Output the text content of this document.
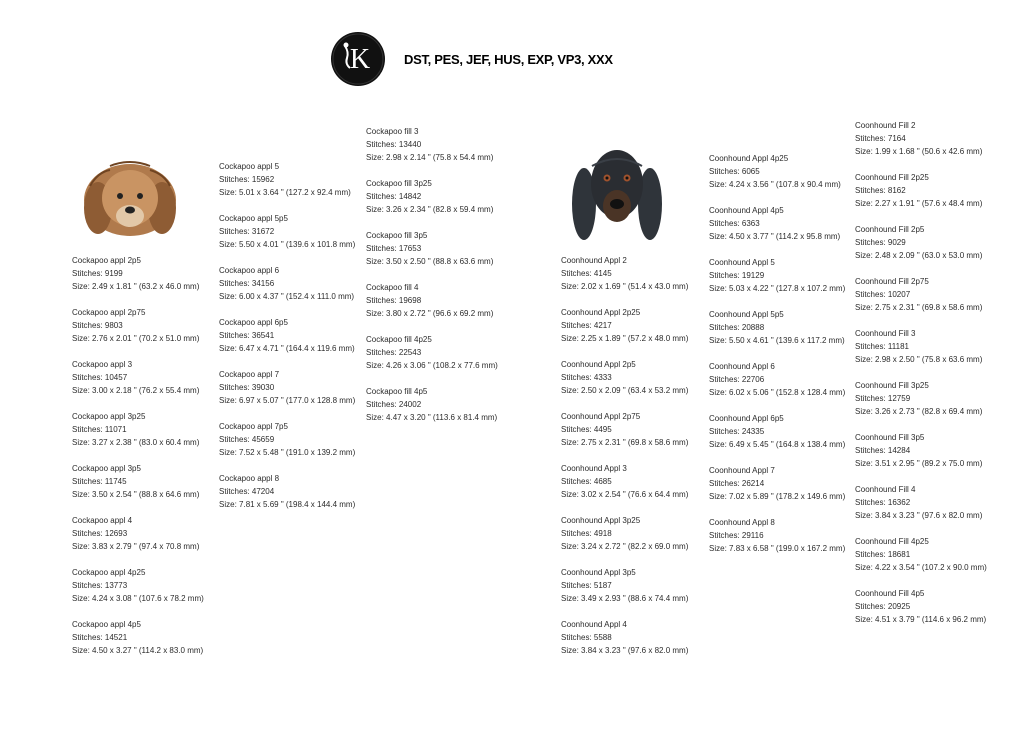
K	DST, PES, JEF, HUS, EXP, VP3, XXX
Cockapoo appl 2p5
Stitches: 9199
Size: 2.49 x 1.81 " (63.2 x 46.0 mm)
Cockapoo appl 2p75
Stitches: 9803
Size: 2.76 x 2.01 " (70.2 x 51.0 mm)
Cockapoo appl 3
Stitches: 10457
Size: 3.00 x 2.18 " (76.2 x 55.4 mm)
Cockapoo appl 3p25
Stitches: 11071
Size: 3.27 x 2.38 " (83.0 x 60.4 mm)
Cockapoo appl 3p5
Stitches: 11745
Size: 3.50 x 2.54 " (88.8 x 64.6 mm)
Cockapoo appl 4
Stitches: 12693
Size: 3.83 x 2.79 " (97.4 x 70.8 mm)
Cockapoo appl 4p25
Stitches: 13773
Size: 4.24 x 3.08 " (107.6 x 78.2 mm)
Cockapoo appl 4p5
Stitches: 14521
Size: 4.50 x 3.27 " (114.2 x 83.0 mm)
Cockapoo appl 5
Stitches: 15962
Size: 5.01 x 3.64 " (127.2 x 92.4 mm)
Cockapoo appl 5p5
Stitches: 31672
Size: 5.50 x 4.01 " (139.6 x 101.8 mm)
Cockapoo appl 6
Stitches: 34156
Size: 6.00 x 4.37 " (152.4 x 111.0 mm)
Cockapoo appl 6p5
Stitches: 36541
Size: 6.47 x 4.71 " (164.4 x 119.6 mm)
Cockapoo appl 7
Stitches: 39030
Size: 6.97 x 5.07 " (177.0 x 128.8 mm)
Cockapoo appl 7p5
Stitches: 45659
Size: 7.52 x 5.48 " (191.0 x 139.2 mm)
Cockapoo appl 8
Stitches: 47204
Size: 7.81 x 5.69 " (198.4 x 144.4 mm)
Cockapoo fill 3
Stitches: 13440
Size: 2.98 x 2.14 " (75.8 x 54.4 mm)
Cockapoo fill 3p25
Stitches: 14842
Size: 3.26 x 2.34 " (82.8 x 59.4 mm)
Cockapoo fill 3p5
Stitches: 17653
Size: 3.50 x 2.50 " (88.8 x 63.6 mm)
Cockapoo fill 4
Stitches: 19698
Size: 3.80 x 2.72 " (96.6 x 69.2 mm)
Cockapoo fill 4p25
Stitches: 22543
Size: 4.26 x 3.06 " (108.2 x 77.6 mm)
Cockapoo fill 4p5
Stitches: 24002
Size: 4.47 x 3.20 " (113.6 x 81.4 mm)
Coonhound Appl 2
Stitches: 4145
Size: 2.02 x 1.69 " (51.4 x 43.0 mm)
Coonhound Appl 2p25
Stitches: 4217
Size: 2.25 x 1.89 " (57.2 x 48.0 mm)
Coonhound Appl 2p5
Stitches: 4333
Size: 2.50 x 2.09 " (63.4 x 53.2 mm)
Coonhound Appl 2p75
Stitches: 4495
Size: 2.75 x 2.31 " (69.8 x 58.6 mm)
Coonhound Appl 3
Stitches: 4685
Size: 3.02 x 2.54 " (76.6 x 64.4 mm)
Coonhound Appl 3p25
Stitches: 4918
Size: 3.24 x 2.72 " (82.2 x 69.0 mm)
Coonhound Appl 3p5
Stitches: 5187
Size: 3.49 x 2.93 " (88.6 x 74.4 mm)
Coonhound Appl 4
Stitches: 5588
Size: 3.84 x 3.23 " (97.6 x 82.0 mm)
Coonhound Appl 4p25
Stitches: 6065
Size: 4.24 x 3.56 " (107.8 x 90.4 mm)
Coonhound Appl 4p5
Stitches: 6363
Size: 4.50 x 3.77 " (114.2 x 95.8 mm)
Coonhound Appl 5
Stitches: 19129
Size: 5.03 x 4.22 " (127.8 x 107.2 mm)
Coonhound Appl 5p5
Stitches: 20888
Size: 5.50 x 4.61 " (139.6 x 117.2 mm)
Coonhound Appl 6
Stitches: 22706
Size: 6.02 x 5.06 " (152.8 x 128.4 mm)
Coonhound Appl 6p5
Stitches: 24335
Size: 6.49 x 5.45 " (164.8 x 138.4 mm)
Coonhound Appl 7
Stitches: 26214
Size: 7.02 x 5.89 " (178.2 x 149.6 mm)
Coonhound Appl 8
Stitches: 29116
Size: 7.83 x 6.58 " (199.0 x 167.2 mm)
Coonhound Fill 2
Stitches: 7164
Size: 1.99 x 1.68 " (50.6 x 42.6 mm)
Coonhound Fill 2p25
Stitches: 8162
Size: 2.27 x 1.91 " (57.6 x 48.4 mm)
Coonhound Fill 2p5
Stitches: 9029
Size: 2.48 x 2.09 " (63.0 x 53.0 mm)
Coonhound Fill 2p75
Stitches: 10207
Size: 2.75 x 2.31 " (69.8 x 58.6 mm)
Coonhound Fill 3
Stitches: 11181
Size: 2.98 x 2.50 " (75.8 x 63.6 mm)
Coonhound Fill 3p25
Stitches: 12759
Size: 3.26 x 2.73 " (82.8 x 69.4 mm)
Coonhound Fill 3p5
Stitches: 14284
Size: 3.51 x 2.95 " (89.2 x 75.0 mm)
Coonhound Fill 4
Stitches: 16362
Size: 3.84 x 3.23 " (97.6 x 82.0 mm)
Coonhound Fill 4p25
Stitches: 18681
Size: 4.22 x 3.54 " (107.2 x 90.0 mm)
Coonhound Fill 4p5
Stitches: 20925
Size: 4.51 x 3.79 " (114.6 x 96.2 mm)
